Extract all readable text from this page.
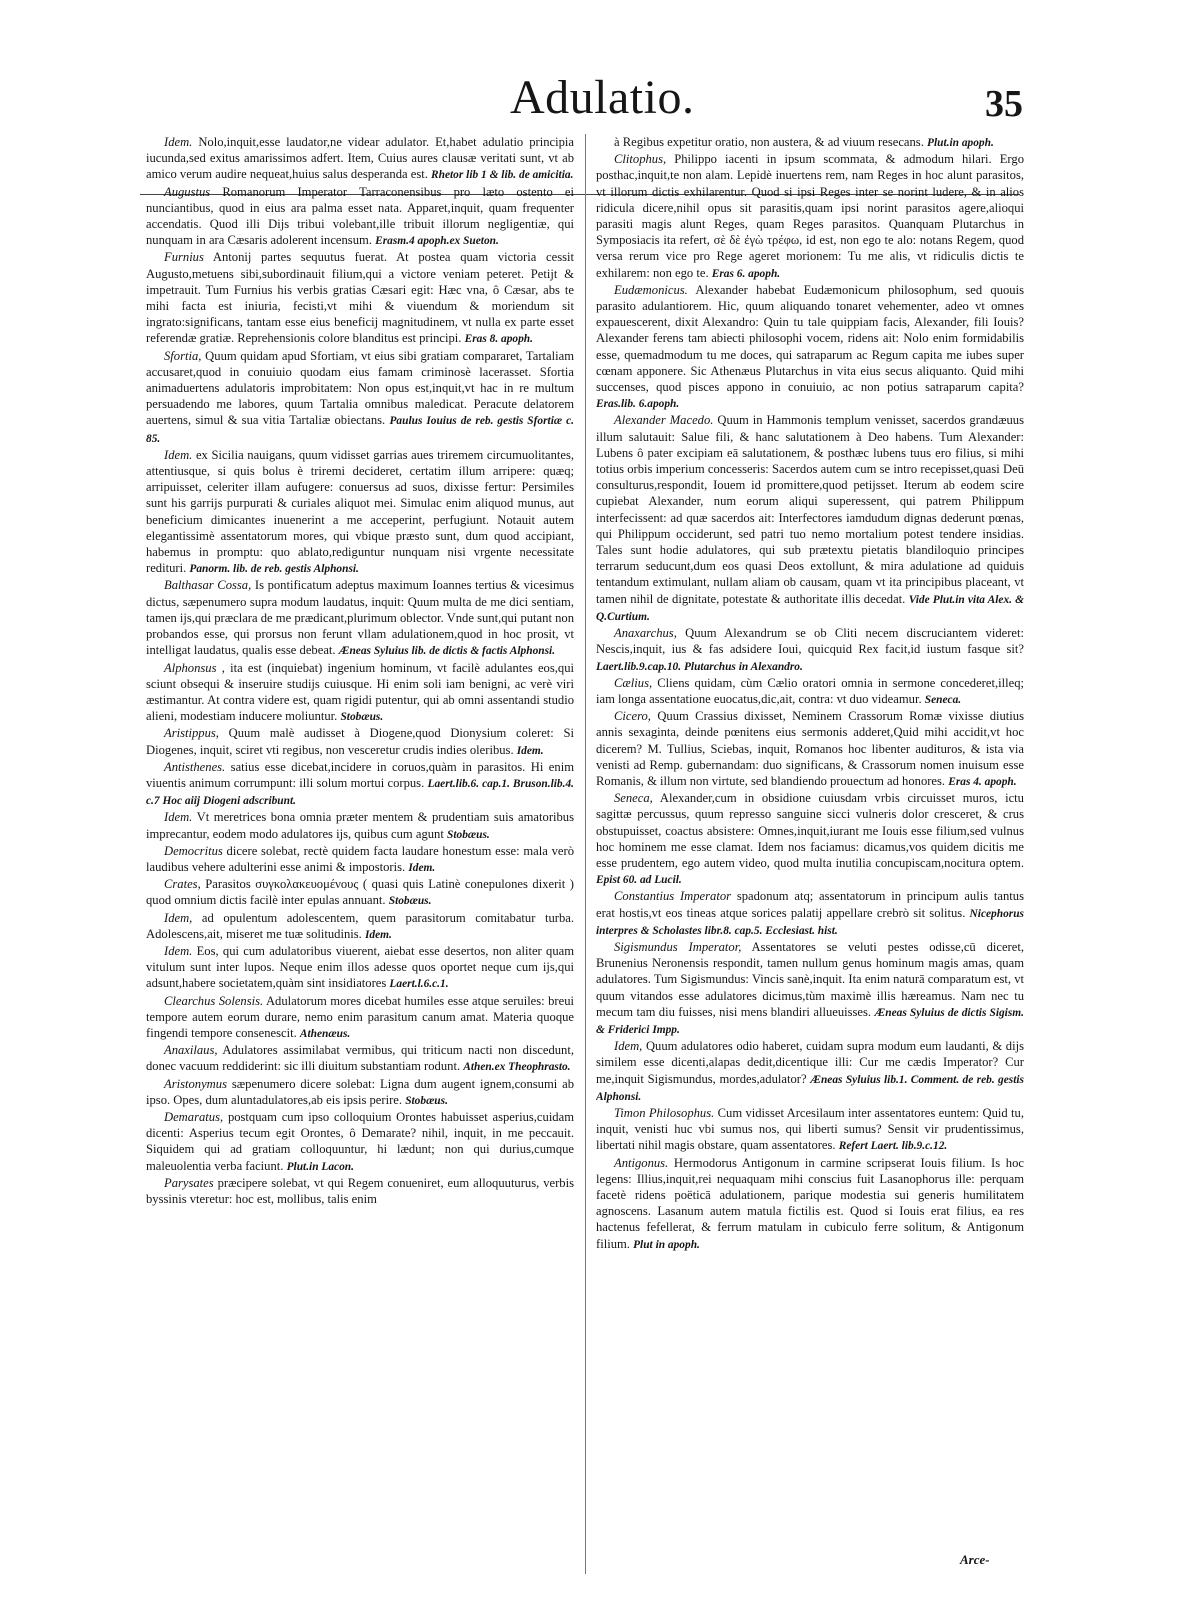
Adulatio.	35

Idem. Nolo,inquit,esse laudator,ne videar adulator. Et,habet adulatio principia iucunda,sed exitus amarissimos adfert. Item, Cuius aures clausæ veritati sunt, vt ab amico verum audire nequeat,huius salus desperanda est. Rhetor lib 1 & lib. de amicitia.

Augustus Romanorum Imperator Tarraconensibus pro læto ostento ei nunciantibus, quod in eius ara palma esset nata. Apparet,inquit, quam frequenter accendatis. Quod illi Dijs tribui volebant,ille tribuit illorum negligentiæ, qui nunquam in ara Cæsaris adolerent incensum. Erasm.4 apoph.ex Sueton.

Furnius Antonij partes sequutus fuerat. At postea quam victoria cessit Augusto,metuens sibi,subordinauit filium,qui a victore veniam peteret. Petijt & impetrauit. Tum Furnius his verbis gratias Cæsari egit: Hæc vna, ô Cæsar, abs te mihi facta est iniuria, fecisti,vt mihi & viuendum & moriendum sit ingrato:significans, tantam esse eius beneficij magnitudinem, vt nulla ex parte esset referendæ gratiæ. Reprehensionis colore blanditus est principi. Eras 8. apoph.

Sfortia, Quum quidam apud Sfortiam, vt eius sibi gratiam compararet, Tartaliam accusaret,quod in conuiuio quodam eius famam criminosè lacerasset. Sfortia animaduertens adulatoris improbitatem: Non opus est,inquit,vt hac in re multum persuadendo me labores, quum Tartalia omnibus maledicat. Peracute delatorem auertens, simul & sua vitia Tartaliæ obiectans. Paulus Iouius de reb. gestis Sfortiæ c. 85.

Idem. ex Sicilia nauigans, quum vidisset garrias aues triremem circumuolitantes, attentiusque, si quis bolus è triremi decideret, certatim illum arripere: quæq; arripuisset, celeriter illam aufugere: conuersus ad suos, dixisse fertur: Persimiles sunt his garrijs purpurati & curiales aliquot mei. Simulac enim aliquod munus, aut beneficium dimicantes inuenerint a me acceperint, perfugiunt. Notauit autem elegantissimè assentatorum mores, qui vbique præsto sunt, dum quod accipiant, habemus in promptu: quo ablato,rediguntur nunquam nisi vrgente necessitate redituri. Panorm. lib. de reb. gestis Alphonsi.

Balthasar Cossa, Is pontificatum adeptus maximum Ioannes tertius & vicesimus dictus, sæpenumero supra modum laudatus, inquit: Quum multa de me dici sentiam, tamen ijs,qui præclara de me prædicant,plurimum oblector. Vnde sunt,qui putant non probandos esse, qui prorsus non ferunt vllam adulationem,quod in hoc prosit, vt intelligat laudatus, qualis esse debeat. Æneas Syluius lib. de dictis & factis Alphonsi.

Alphonsus , ita est (inquiebat) ingenium hominum, vt facilè adulantes eos,qui sciunt obsequi & inseruire studijs cuiusque. Hi enim soli iam benigni, ac verè viri æstimantur. At contra videre est, quam rigidi putentur, qui ab omni assentandi studio alieni, modestiam inducere moliuntur. Stobæus.

Aristippus, Quum malè audisset à Diogene,quod Dionysium coleret: Si Diogenes, inquit, sciret vti regibus, non vesceretur crudis indies oleribus. Idem.

Antisthenes. satius esse dicebat,incidere in coruos,quàm in parasitos. Hi enim viuentis animum corrumpunt: illi solum mortui corpus. Laert.lib.6. cap.1. Bruson.lib.4. c.7 Hoc aiij Diogeni adscribunt.

Idem. Vt meretrices bona omnia præter mentem & prudentiam suis amatoribus imprecantur, eodem modo adulatores ijs, quibus cum agunt Stobæus.

Democritus dicere solebat, rectè quidem facta laudare honestum esse: mala verò laudibus vehere adulterini esse animi & impostoris. Idem.

Crates, Parasitos συγκολακευομένους ( quasi quis Latinè conepulones dixerit ) quod omnium dictis facilè inter epulas annuant. Stobæus.

Idem, ad opulentum adolescentem, quem parasitorum comitabatur turba. Adolescens,ait, miseret me tuæ solitudinis. Idem.

Idem. Eos, qui cum adulatoribus viuerent, aiebat esse desertos, non aliter quam vitulum sunt inter lupos. Neque enim illos adesse quos oportet neque cum ijs,qui adsunt,habere societatem,quàm sint insidiatores Laert.l.6.c.1.

Clearchus Solensis. Adulatorum mores dicebat humiles esse atque seruiles: breui tempore autem eorum durare, nemo enim parasitum canum amat. Materia quoque fingendi tempore consenescit. Athenæus.

Anaxilaus, Adulatores assimilabat vermibus, qui triticum nacti non discedunt, donec vacuum reddiderint: sic illi diuitum substantiam rodunt. Athen.ex Theophrasto.

Aristonymus sæpenumero dicere solebat: Ligna dum augent ignem,consumi ab ipso. Opes, dum aluntadulatores,ab eis ipsis perire. Stobæus.

Demaratus, postquam cum ipso colloquium Orontes habuisset asperius,cuidam dicenti: Asperius tecum egit Orontes, ô Demarate? nihil, inquit, in me peccauit. Siquidem qui ad gratiam colloquuntur, hi lædunt; non qui durius,cumque maleuolentia verba faciunt. Plut.in Lacon.

Parysates præcipere solebat, vt qui Regem conueniret, eum alloquuturus, verbis byssinis vteretur: hoc est, mollibus, talis enim

à Regibus expetitur oratio, non austera, & ad viuum resecans. Plut.in apoph.

Clitophus, Philippo iacenti in ipsum scommata, & admodum hilari. Ergo posthac,inquit,te non alam. Lepidè inuertens rem, nam Reges in hoc alunt parasitos, vt illorum dictis exhilarentur. Quod si ipsi Reges inter se norint ludere, & in alios ridicula dicere,nihil opus sit parasitis,quam ipsi norint parasitos agere,alioqui parasiti magis alunt Reges, quam Reges parasitos. Quanquam Plutarchus in Symposiacis ita refert, σὲ δὲ ἐγὼ τρέφω, id est, non ego te alo: notans Regem, quod versa rerum vice pro Rege ageret morionem: Tu me alis, vt ridiculis dictis te exhilarem: non ego te. Eras 6. apoph.

Eudæmonicus. Alexander habebat Eudæmonicum philosophum, sed quouis parasito adulantiorem. Hic, quum aliquando tonaret vehementer, adeo vt omnes expauescerent, dixit Alexandro: Quin tu tale quippiam facis, Alexander, fili Iouis? Alexander ferens tam abiecti philosophi vocem, ridens ait: Nolo enim formidabilis esse, quemadmodum tu me doces, qui satraparum ac Regum capita me iubes super cœnam apponere. Sic Athenæus Plutarchus in vita eius secus aliquanto. Quid mihi succenses, quod pisces appono in conuiuio, ac non potius satraparum capita? Eras.lib. 6.apoph.

Alexander Macedo. Quum in Hammonis templum venisset, sacerdos grandæuus illum salutauit: Salue fili, & hanc salutationem à Deo habens. Tum Alexander: Lubens ô pater excipiam eā salutationem, & posthæc lubens tuus ero filius, si mihi totius orbis imperium concesseris: Sacerdos autem cum se intro recepisset,quasi Deū consulturus,respondit, Iouem id promittere,quod petijsset. Iterum ab eodem scire cupiebat Alexander, num eorum aliqui superessent, qui patrem Philippum interfecissent: ad quæ sacerdos ait: Interfectores iamdudum dignas dederunt pœnas, qui Philippum occiderunt, sed patri tuo nemo mortalium potest tendere insidias. Tales sunt hodie adulatores, qui sub prætextu pietatis blandiloquio principes terrarum seducunt,dum eos quasi Deos extollunt, & mira adulatione ad quiduis tentandum extimulant, nullam aliam ob causam, quam vt ita principibus placeant, vt tamen nihil de dignitate, potestate & authoritate illis decedat. Vide Plut.in vita Alex. & Q.Curtium.

Anaxarchus, Quum Alexandrum se ob Cliti necem discruciantem videret: Nescis,inquit, ius & fas adsidere Ioui, quicquid Rex facit,id iustum fasque sit? Laert.lib.9.cap.10. Plutarchus in Alexandro.

Cælius, Cliens quidam, cùm Cælio oratori omnia in sermone concederet,illeq; iam longa assentatione euocatus,dic,ait, contra: vt duo videamur. Seneca.

Cicero, Quum Crassius dixisset, Neminem Crassorum Romæ vixisse diutius annis sexaginta, deinde pœnitens eius sermonis adderet,Quid mihi accidit,vt hoc dicerem? M. Tullius, Sciebas, inquit, Romanos hoc libenter audituros, & ista via venisti ad Remp. gubernandam: duo significans, & Crassorum nomen inuisum esse Romanis, & illum non virtute, sed blandiendo prouectum ad honores. Eras 4. apoph.

Seneca, Alexander,cum in obsidione cuiusdam vrbis circuisset muros, ictu sagittæ percussus, quum represso sanguine sicci vulneris dolor cresceret, & crus obstupuisset, coactus absistere: Omnes,inquit,iurant me Iouis esse filium,sed vulnus hoc hominem me esse clamat. Idem nos faciamus: dicamus,vos quidem dicitis me esse prudentem, ego autem video, quod multa inutilia concupiscam,nocitura optem. Epist 60. ad Lucil.

Constantius Imperator spadonum atq; assentatorum in principum aulis tantus erat hostis,vt eos tineas atque sorices palatij appellare crebrò sit solitus. Nicephorus interpres & Scholastes libr.8. cap.5. Ecclesiast. hist.

Sigismundus Imperator, Assentatores se veluti pestes odisse,cū diceret, Brunenius Neronensis respondit, tamen nullum genus hominum magis amas, quam adulatores. Tum Sigismundus: Vincis sanè,inquit. Ita enim naturā comparatum est, vt quum vitandos esse adulatores dicimus,tùm maximè illis hæreamus. Nam nec tu mecum tam diu fuisses, nisi mens blandiri allueuisses. Æneas Syluius de dictis Sigism. & Friderici Impp.

Idem, Quum adulatores odio haberet, cuidam supra modum eum laudanti, & dijs similem esse dicenti,alapas dedit,dicentique illi: Cur me cædis Imperator? Cur me,inquit Sigismundus, mordes,adulator? Æneas Syluius lib.1. Comment. de reb. gestis Alphonsi.

Timon Philosophus. Cum vidisset Arcesilaum inter assentatores euntem: Quid tu, inquit, venisti huc vbi sumus nos, qui liberti sumus? Sensit vir prudentissimus, libertati nihil magis obstare, quam assentatores. Refert Laert. lib.9.c.12.

Antigonus. Hermodorus Antigonum in carmine scripserat Iouis filium. Is hoc legens: Illius,inquit,rei nequaquam mihi conscius fuit Lasanophorus ille: perquam facetè ridens poëticā adulationem, parique modestia sui generis humilitatem agnoscens. Lasanum autem matula fictilis est. Quod si Iouis erat filius, ea res hactenus fefellerat, & ferrum matulam in cubiculo ferre solitum, & Antigonum filium. Plut in apoph.

Arce-
